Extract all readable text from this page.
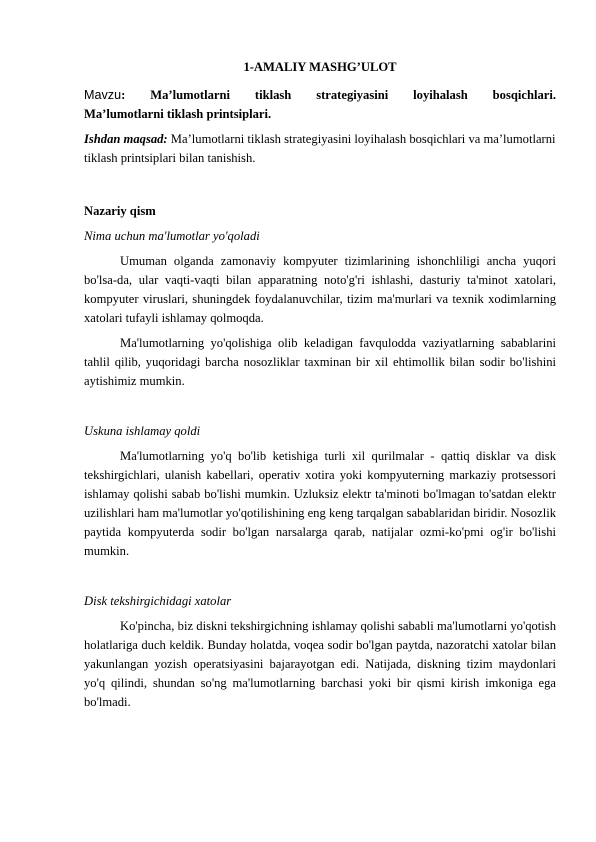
1-AMALIY MASHG’ULOT
Mavzu: Ma’lumotlarni tiklash strategiyasini loyihalash bosqichlari.
Ma’lumotlarni tiklash printsiplari.
Ishdan maqsad: Ma’lumotlarni tiklash strategiyasini loyihalash bosqichlari va ma’lumotlarni tiklash printsiplari bilan tanishish.
Nazariy qism
Nima uchun ma'lumotlar yo'qoladi

Umuman olganda zamonaviy kompyuter tizimlarining ishonchliligi ancha yuqori bo'lsa-da, ular vaqti-vaqti bilan apparatning noto'g'ri ishlashi, dasturiy ta'minot xatolari, kompyuter viruslari, shuningdek foydalanuvchilar, tizim ma'murlari va texnik xodimlarning xatolari tufayli ishlamay qolmoqda.

Ma'lumotlarning yo'qolishiga olib keladigan favqulodda vaziyatlarning sabablarini tahlil qilib, yuqoridagi barcha nosozliklar taxminan bir xil ehtimollik bilan sodir bo'lishini aytishimiz mumkin.

Uskuna ishlamay qoldi

Ma'lumotlarning yo'q bo'lib ketishiga turli xil qurilmalar - qattiq disklar va disk tekshirgichlari, ulanish kabellari, operativ xotira yoki kompyuterning markaziy protsessori ishlamay qolishi sabab bo'lishi mumkin. Uzluksiz elektr ta'minoti bo'lmagan to'satdan elektr uzilishlari ham ma'lumotlar yo'qotilishining eng keng tarqalgan sabablaridan biridir. Nosozlik paytida kompyuterda sodir bo'lgan narsalarga qarab, natijalar ozmi-ko'pmi og'ir bo'lishi mumkin.

Disk tekshirgichidagi xatolar

Ko'pincha, biz diskni tekshirgichning ishlamay qolishi sababli ma'lumotlarni yo'qotish holatlariga duch keldik. Bunday holatda, voqea sodir bo'lgan paytda, nazoratchi xatolar bilan yakunlangan yozish operatsiyasini bajarayotgan edi. Natijada, diskning tizim maydonlari yo'q qilindi, shundan so'ng ma'lumotlarning barchasi yoki bir qismi kirish imkoniga ega bo'lmadi.
